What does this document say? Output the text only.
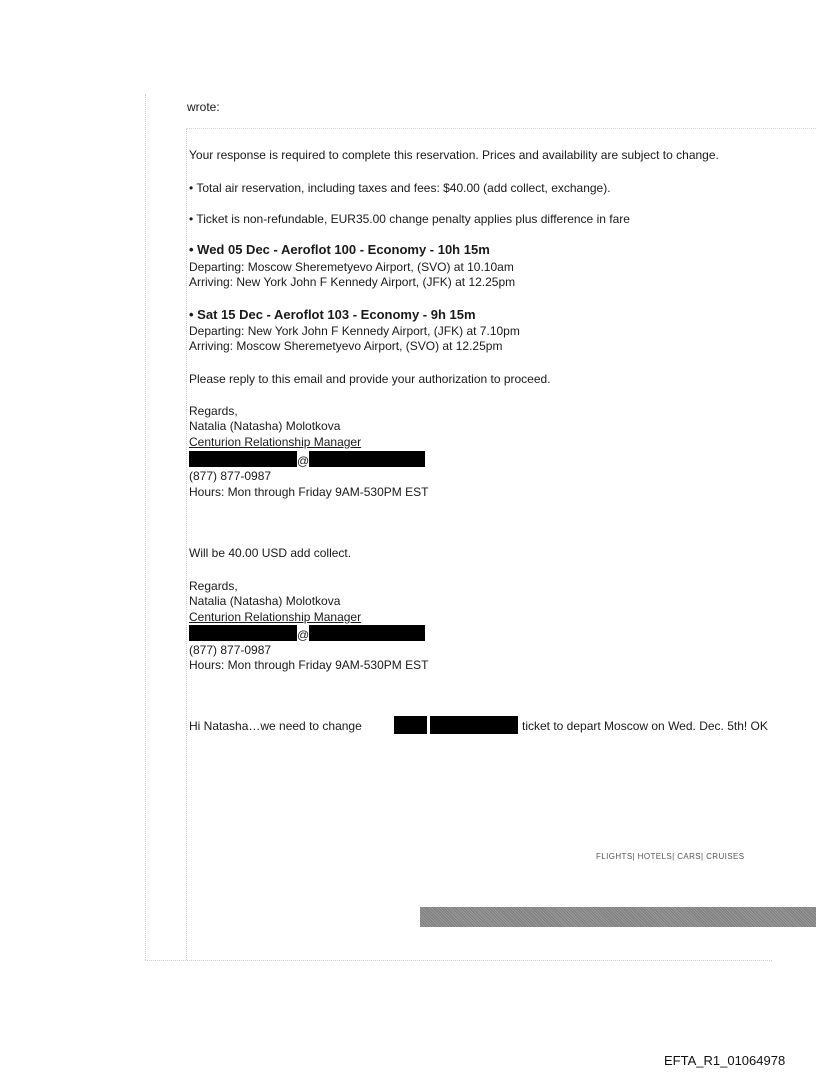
wrote:
Your response is required to complete this reservation. Prices and availability are subject to change.
• Total air reservation, including taxes and fees: $40.00 (add collect, exchange).
• Ticket is non-refundable, EUR35.00 change penalty applies plus difference in fare
• Wed 05 Dec - Aeroflot 100 - Economy - 10h 15m
Departing: Moscow Sheremetyevo Airport, (SVO) at 10.10am
Arriving: New York John F Kennedy Airport, (JFK) at 12.25pm
• Sat 15 Dec - Aeroflot 103 - Economy - 9h 15m
Departing: New York John F Kennedy Airport, (JFK) at 7.10pm
Arriving: Moscow Sheremetyevo Airport, (SVO) at 12.25pm
Please reply to this email and provide your authorization to proceed.
Regards,
Natalia (Natasha) Molotkova
Centurion Relationship Manager
@
(877) 877-0987
Hours: Mon through Friday 9AM-530PM EST
Will be 40.00 USD add collect.
Regards,
Natalia (Natasha) Molotkova
Centurion Relationship Manager
@
(877) 877-0987
Hours: Mon through Friday 9AM-530PM EST
Hi Natasha…we need to change	ticket to depart Moscow on Wed. Dec. 5th! OK
FLIGHTS| HOTELS| CARS| CRUISES
EFTA_R1_01064978
